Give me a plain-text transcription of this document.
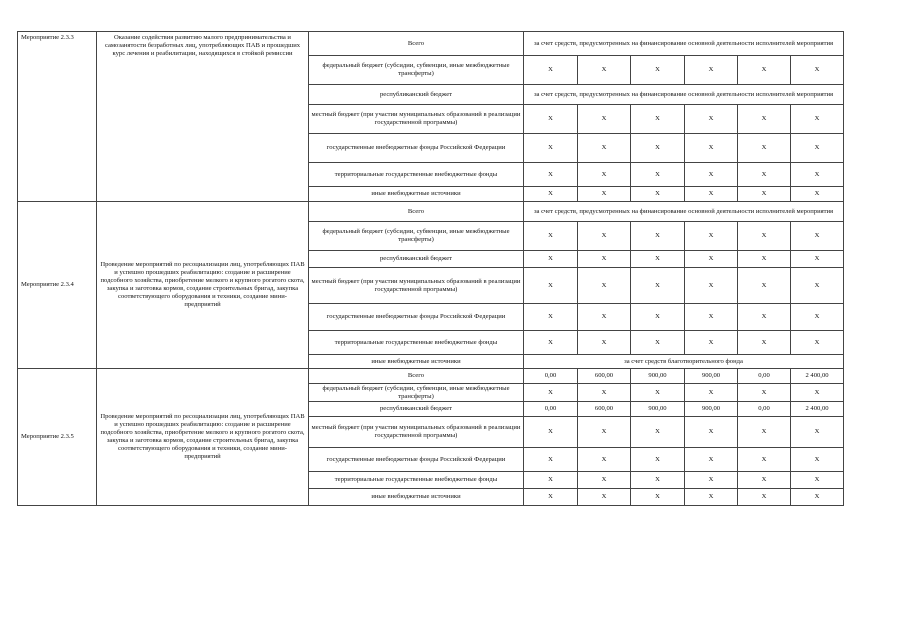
Мероприятие 2.3.3	Оказание содействия развитию малого предпринимательства и самозанятости безработных лиц, употребляющих ПАВ и прошедших курс лечения и реабилитации, находящихся в стойкой ремиссии	Всего	за счет средств, предусмотренных на финансирование основной деятельности исполнителей мероприятия					
		федеральный бюджет (субсидии, субвенции, иные межбюджетные трансферты)	X	X	X	X	X	X
		республиканский бюджет	за счет средств, предусмотренных на финансирование основной деятельности исполнителей мероприятия					
		местный бюджет (при участии муниципальных образований в реализации государственной программы)	X	X	X	X	X	X
		государственные внебюджетные фонды Российской Федерации	X	X	X	X	X	X
		территориальные государственные внебюджетные фонды	X	X	X	X	X	X
		иные внебюджетные источники	X	X	X	X	X	X
Мероприятие 2.3.4	Проведение мероприятий по ресоциализации лиц, употребляющих ПАВ и успешно прошедших реабилитацию: создание и расширение подсобного хозяйства, приобретение мелкого и крупного рогатого скота, закупка и заготовка кормов, создание строительных бригад, закупка соответствующего оборудования и техники, создание мини-предприятий	Всего	за счет средств, предусмотренных на финансирование основной деятельности исполнителей мероприятия					
		федеральный бюджет (субсидии, субвенции, иные межбюджетные трансферты)	X	X	X	X	X	X
		республиканский бюджет	X	X	X	X	X	X
		местный бюджет (при участии муниципальных образований в реализации государственной программы)	X	X	X	X	X	X
		государственные внебюджетные фонды Российской Федерации	X	X	X	X	X	X
		территориальные государственные внебюджетные фонды	X	X	X	X	X	X
		иные внебюджетные источники	за счет средств благотворительного фонда					
Мероприятие 2.3.5	Проведение мероприятий по ресоциализации лиц, употребляющих ПАВ и успешно прошедших реабилитацию: создание и расширение подсобного хозяйства, приобретение мелкого и крупного рогатого скота, закупка и заготовка кормов, создание строительных бригад, закупка соответствующего оборудования и техники, создание мини-предприятий	Всего	0,00	600,00	900,00	900,00	0,00	2 400,00
		федеральный бюджет (субсидии, субвенции, иные межбюджетные трансферты)	X	X	X	X	X	X
		республиканский бюджет	0,00	600,00	900,00	900,00	0,00	2 400,00
		местный бюджет (при участии муниципальных образований в реализации государственной программы)	X	X	X	X	X	X
		государственные внебюджетные фонды Российской Федерации	X	X	X	X	X	X
		территориальные государственные внебюджетные фонды	X	X	X	X	X	X
		иные внебюджетные источники	X	X	X	X	X	X
